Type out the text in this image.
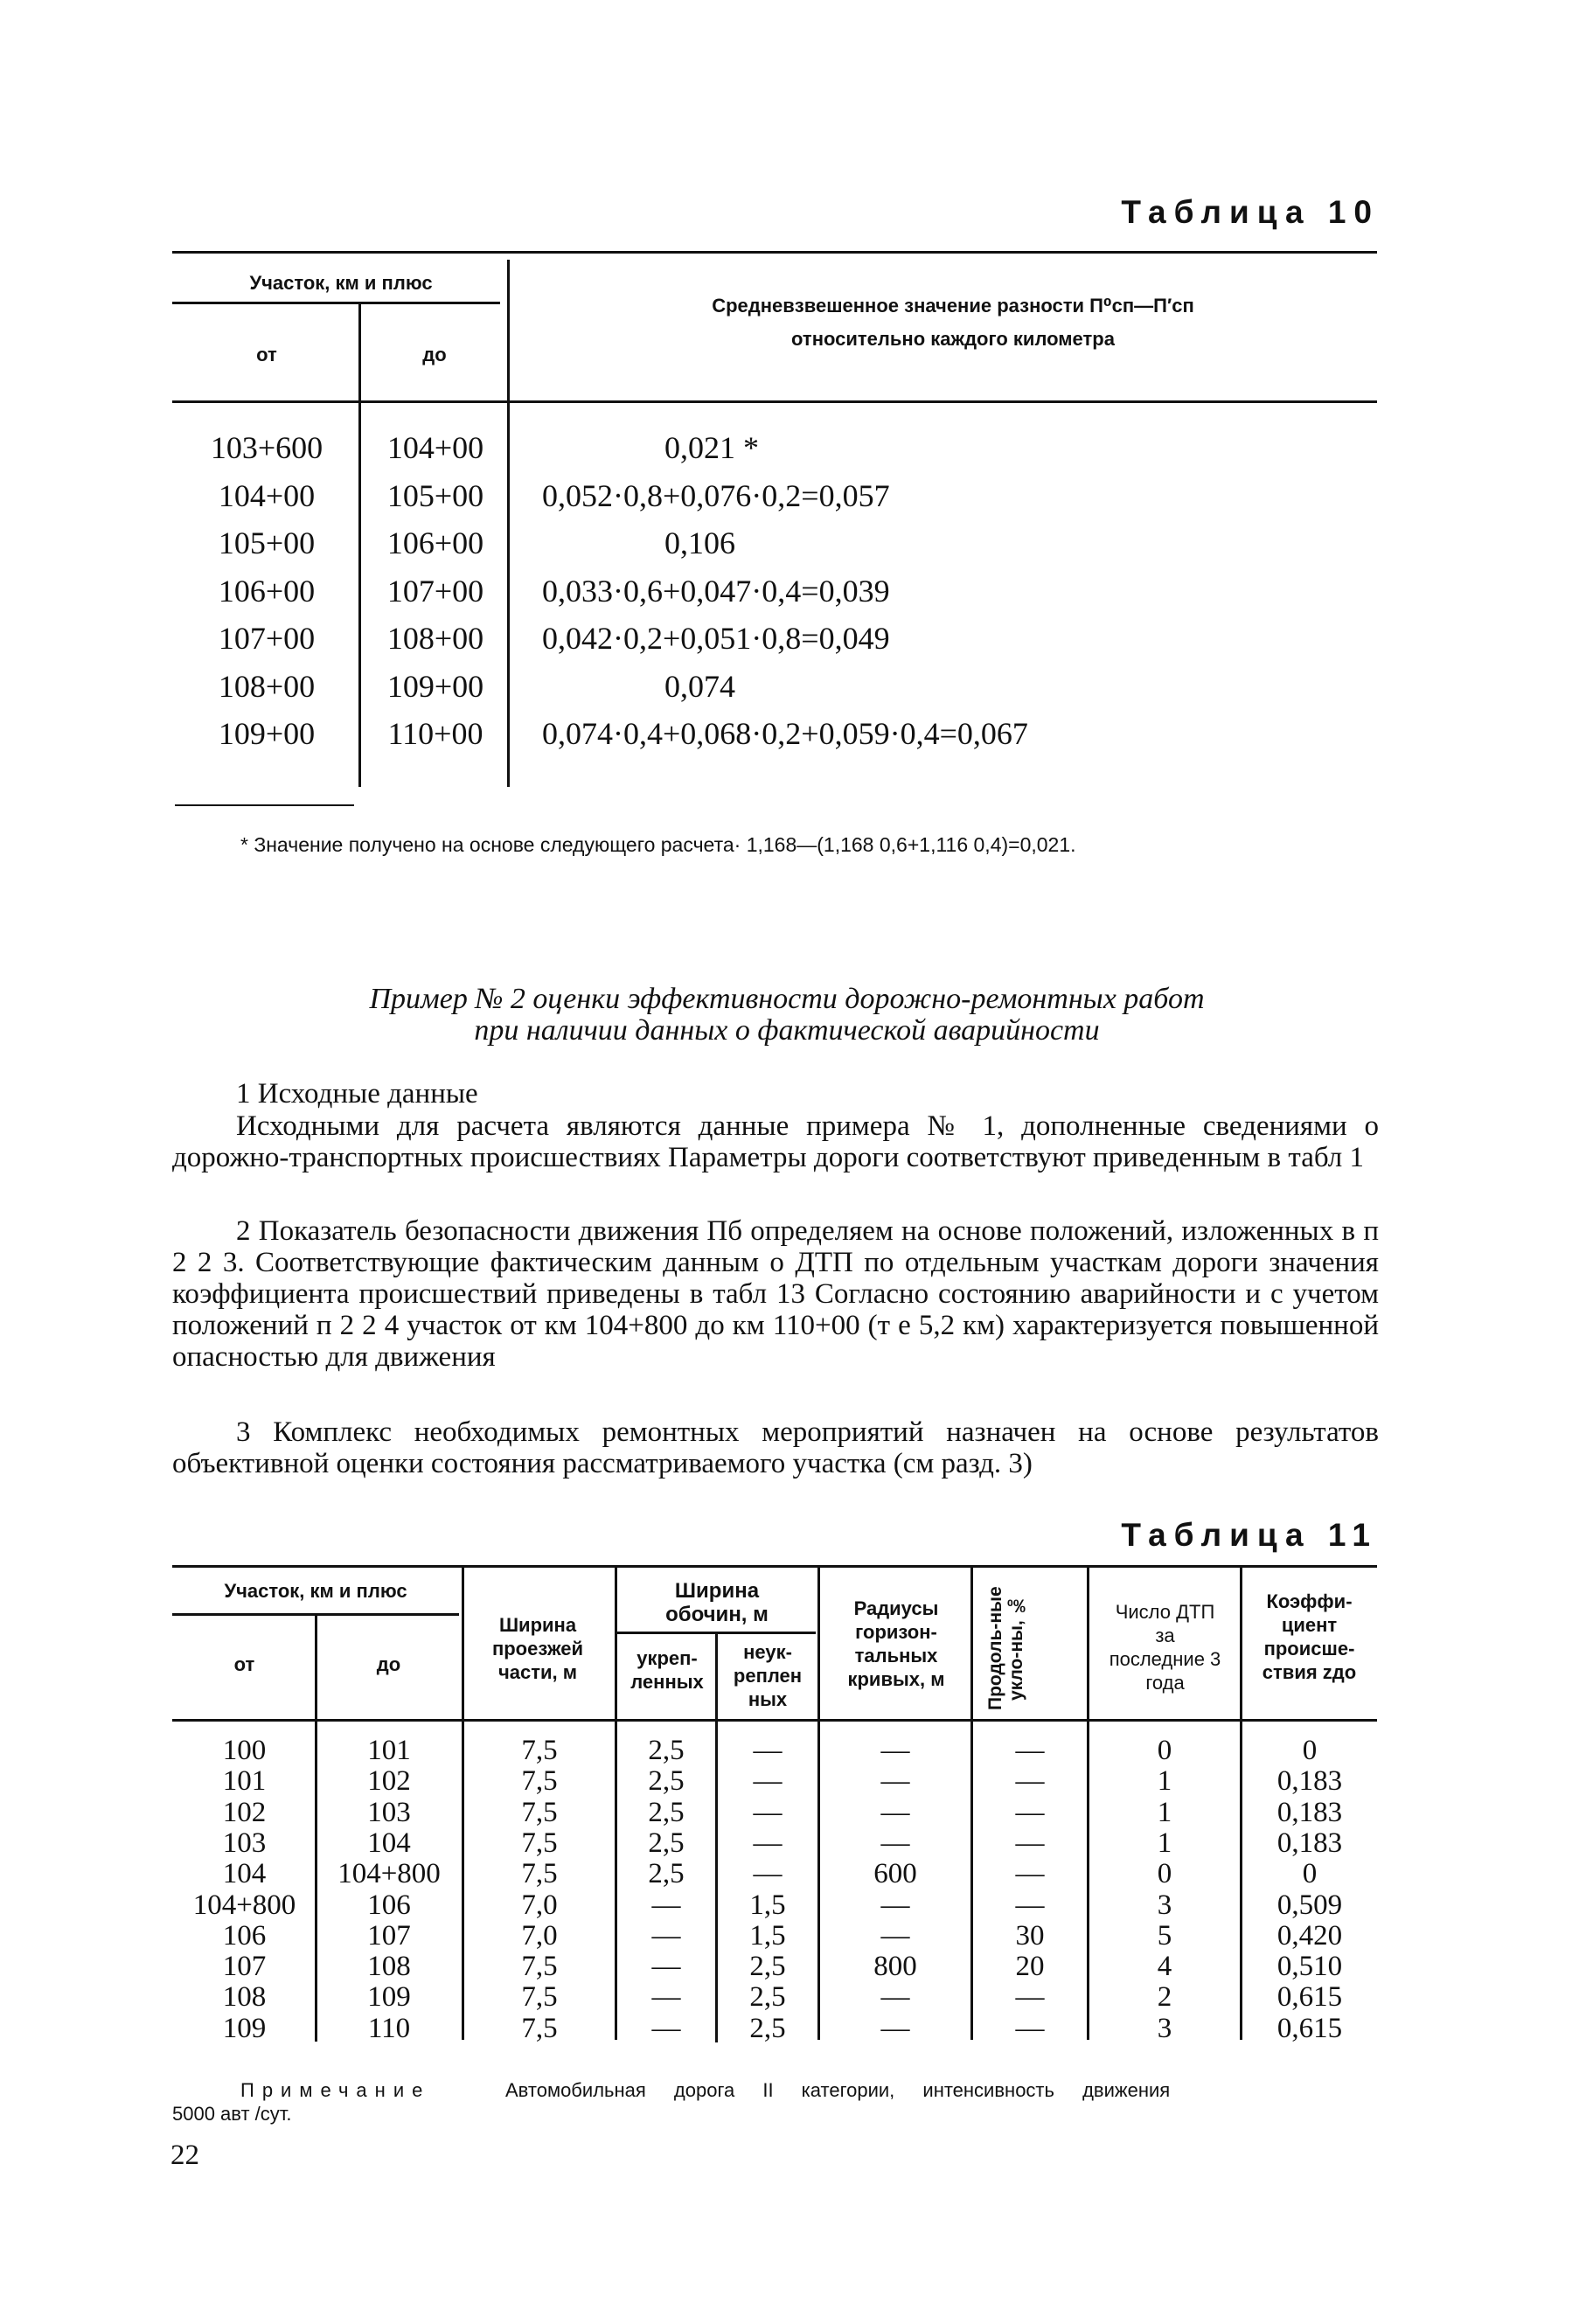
Таблица 10
Участок, км и плюс
от	до
Средневзвешенное значение разности П⁰сп—П′сп
относительно каждого километра
103+600	104+00	0,021 *
104+00	105+00	0,052·0,8+0,076·0,2=0,057
105+00	106+00	0,106
106+00	107+00	0,033·0,6+0,047·0,4=0,039
107+00	108+00	0,042·0,2+0,051·0,8=0,049
108+00	109+00	0,074
109+00	110+00	0,074·0,4+0,068·0,2+0,059·0,4=0,067
* Значение получено на основе следующего расчета· 1,168—(1,168 0,6+1,116 0,4)=0,021.
Пример № 2 оценки эффективности дорожно-ремонтных работ
при наличии данных о фактической аварийности
1 Исходные данные
Исходными для расчета являются данные примера № 1, дополненные сведениями о дорожно-транспортных происшествиях Параметры дороги соответствуют приведенным в табл 1
2 Показатель безопасности движения Пб определяем на основе положений, изложенных в п 2 2 3. Соответствующие фактическим данным о ДТП по отдельным участкам дороги значения коэффициента происшествий приведены в табл 13 Согласно состоянию аварийности и с учетом положений п 2 2 4 участок от км 104+800 до км 110+00 (т е 5,2 км) характеризуется повышенной опасностью для движения
3 Комплекс необходимых ремонтных мероприятий назначен на основе результатов объективной оценки состояния рассматриваемого участка (см разд. 3)
Таблица 11
Участок, км и плюс
от	до
Ширина проезжей части, м
Ширина обочин, м
укреп-ленных
неук-реплен ных
Радиусы горизон-тальных кривых, м	Продоль-ные укло-ны, ‰	Число ДТП за последние 3 года
Коэффи-циент происше-ствия zдо
100	101	7,5	2,5	—	—	—	0	0
101	102	7,5	2,5	—	—	—	1	0,183
102	103	7,5	2,5	—	—	—	1	0,183
103	104	7,5	2,5	—	—	—	1	0,183
104	104+800	7,5	2,5	—	600	—	0	0
104+800	106	7,0	—	1,5	—	—	3	0,509
106	107	7,0	—	1,5	—	30	5	0,420
107	108	7,5	—	2,5	800	20	4	0,510
108	109	7,5	—	2,5	—	—	2	0,615
109	110	7,5	—	2,5	—	—	3	0,615
Примечание	Автомобильная дорога II категории, интенсивность движения
5000 авт /сут.
22
